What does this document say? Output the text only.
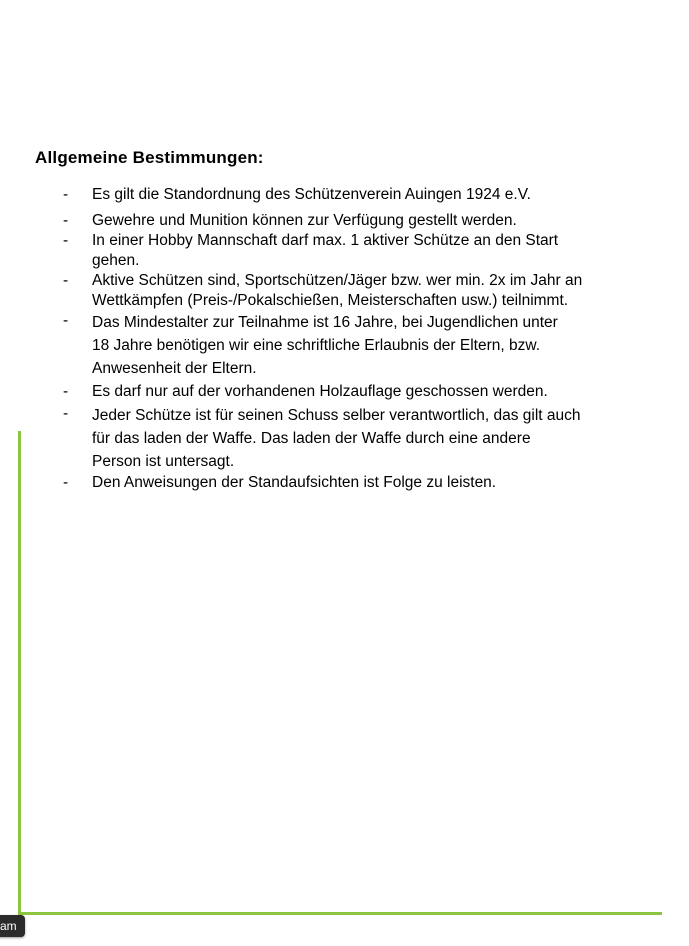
Allgemeine Bestimmungen:
- Es gilt die Standordnung des Schützenverein Auingen 1924 e.V.
- Gewehre und Munition können zur Verfügung gestellt werden.
- In einer Hobby Mannschaft darf max. 1 aktiver Schütze an den Start
gehen.
- Aktive Schützen sind, Sportschützen/Jäger bzw. wer min. 2x im Jahr an
Wettkämpfen (Preis-/Pokalschießen, Meisterschaften usw.) teilnimmt.
- Das Mindestalter zur Teilnahme ist 16 Jahre, bei Jugendlichen unter
18 Jahre benötigen wir eine schriftliche Erlaubnis der Eltern, bzw.
Anwesenheit der Eltern.
- Es darf nur auf der vorhandenen Holzauflage geschossen werden.
- Jeder Schütze ist für seinen Schuss selber verantwortlich, das gilt auch
für das laden der Waffe. Das laden der Waffe durch eine andere
Person ist untersagt.
- Den Anweisungen der Standaufsichten ist Folge zu leisten.
am
